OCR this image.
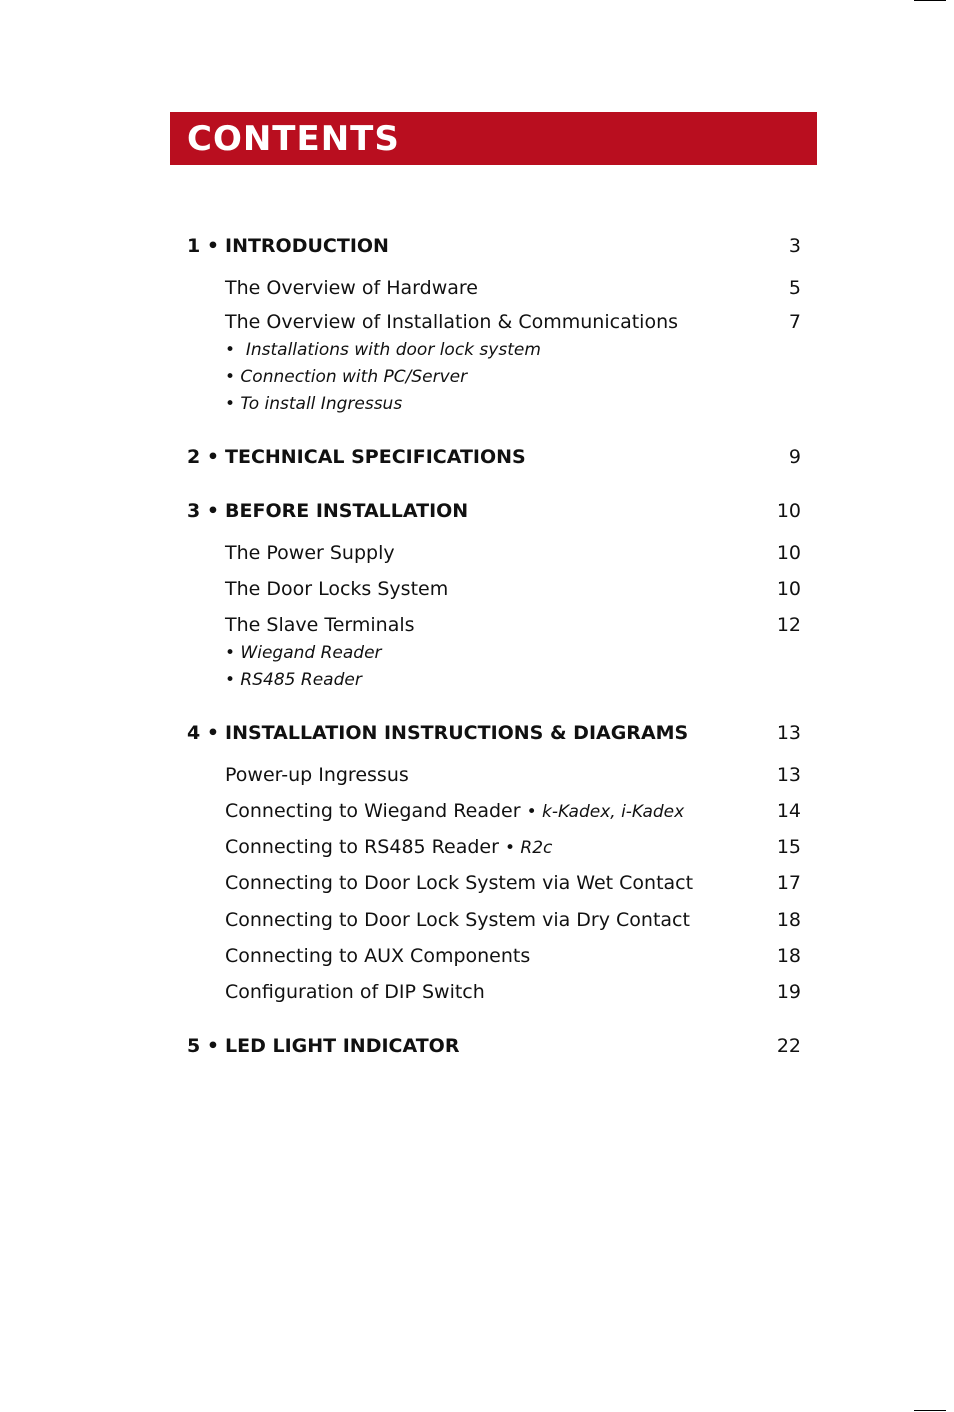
CONTENTS
1 • INTRODUCTION	3
The Overview of Hardware	5
The Overview of Installation & Communications	7
•  Installations with door lock system
• Connection with PC/Server
• To install Ingressus
2 • TECHNICAL SPECIFICATIONS	9
3 • BEFORE INSTALLATION	10
The Power Supply	10
The Door Locks System	10
The Slave Terminals	12
• Wiegand Reader
• RS485 Reader
4 • INSTALLATION INSTRUCTIONS & DIAGRAMS	13
Power-up Ingressus	13
Connecting to Wiegand Reader • k-Kadex, i-Kadex	14
Connecting to RS485 Reader • R2c	15
Connecting to Door Lock System via Wet Contact	17
Connecting to Door Lock System via Dry Contact	18
Connecting to AUX Components	18
Configuration of DIP Switch	19
5 • LED LIGHT INDICATOR	22
